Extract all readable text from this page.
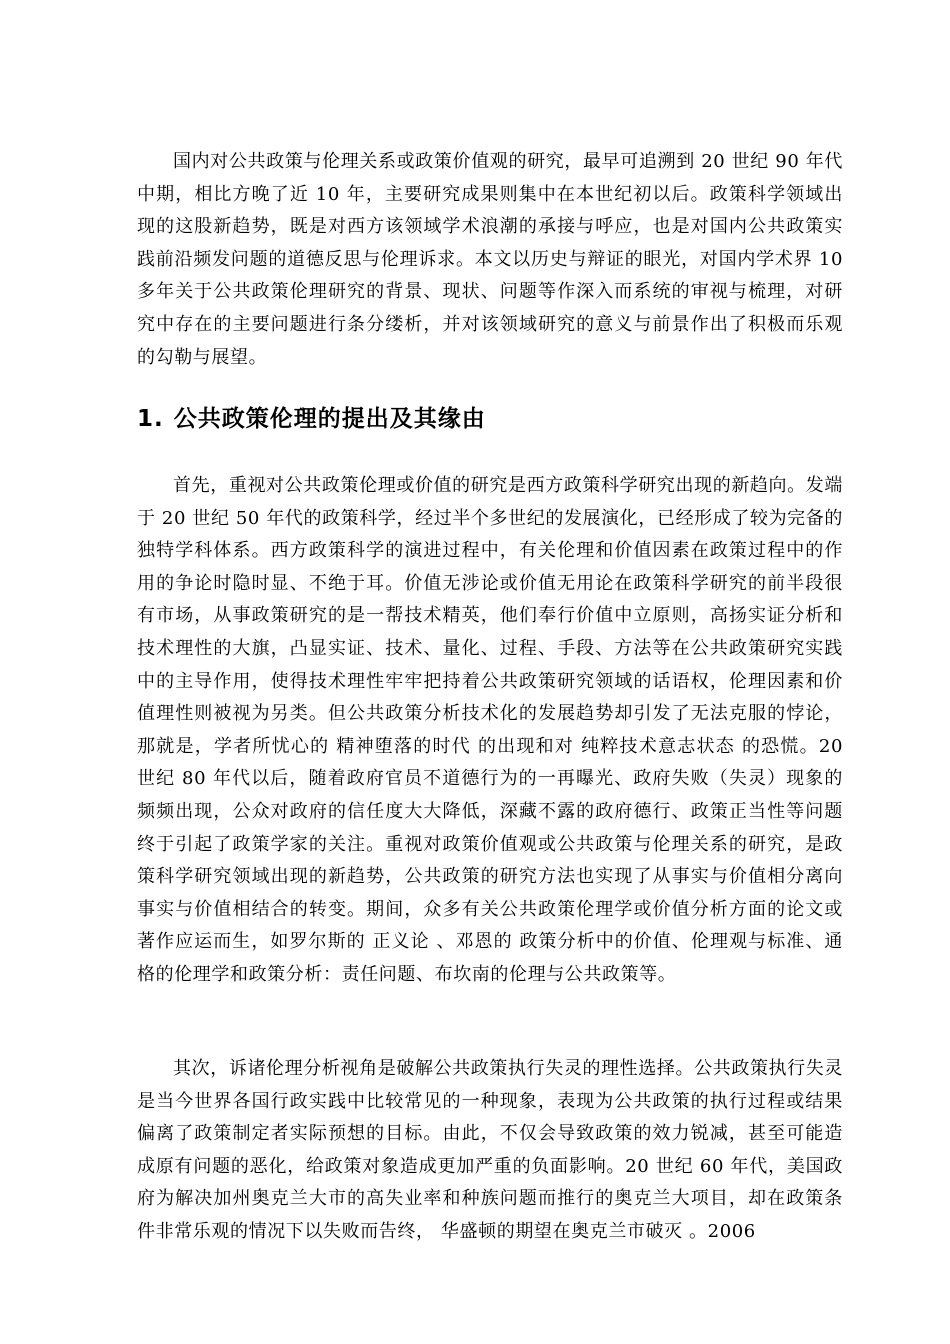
国内对公共政策与伦理关系或政策价值观的研究，最早可追溯到 20 世纪 90 年代中期，相比方晚了近 10 年，主要研究成果则集中在本世纪初以后。政策科学领域出现的这股新趋势，既是对西方该领域学术浪潮的承接与呼应，也是对国内公共政策实践前沿频发问题的道德反思与伦理诉求。本文以历史与辩证的眼光，对国内学术界 10 多年关于公共政策伦理研究的背景、现状、问题等作深入而系统的审视与梳理，对研究中存在的主要问题进行条分缕析，并对该领域研究的意义与前景作出了积极而乐观的勾勒与展望。

1. 公共政策伦理的提出及其缘由

首先，重视对公共政策伦理或价值的研究是西方政策科学研究出现的新趋向。发端于 20 世纪 50 年代的政策科学，经过半个多世纪的发展演化，已经形成了较为完备的独特学科体系。西方政策科学的演进过程中，有关伦理和价值因素在政策过程中的作用的争论时隐时显、不绝于耳。价值无涉论或价值无用论在政策科学研究的前半段很有市场，从事政策研究的是一帮技术精英，他们奉行价值中立原则，高扬实证分析和技术理性的大旗，凸显实证、技术、量化、过程、手段、方法等在公共政策研究实践中的主导作用，使得技术理性牢牢把持着公共政策研究领域的话语权，伦理因素和价值理性则被视为另类。但公共政策分析技术化的发展趋势却引发了无法克服的悖论，那就是，学者所忧心的 精神堕落的时代 的出现和对 纯粹技术意志状态 的恐慌。20 世纪 80 年代以后，随着政府官员不道德行为的一再曝光、政府失败（失灵）现象的频频出现，公众对政府的信任度大大降低，深藏不露的政府德行、政策正当性等问题终于引起了政策学家的关注。重视对政策价值观或公共政策与伦理关系的研究，是政策科学研究领域出现的新趋势，公共政策的研究方法也实现了从事实与价值相分离向事实与价值相结合的转变。期间，众多有关公共政策伦理学或价值分析方面的论文或著作应运而生，如罗尔斯的 正义论 、邓恩的 政策分析中的价值、伦理观与标准、通格的伦理学和政策分析：责任问题、布坎南的伦理与公共政策等。

其次，诉诸伦理分析视角是破解公共政策执行失灵的理性选择。公共政策执行失灵是当今世界各国行政实践中比较常见的一种现象，表现为公共政策的执行过程或结果偏离了政策制定者实际预想的目标。由此，不仅会导致政策的效力锐减，甚至可能造成原有问题的恶化，给政策对象造成更加严重的负面影响。20 世纪 60 年代，美国政府为解决加州奥克兰大市的高失业率和种族问题而推行的奥克兰大项目，却在政策条件非常乐观的情况下以失败而告终， 华盛顿的期望在奥克兰市破灭 。2006
